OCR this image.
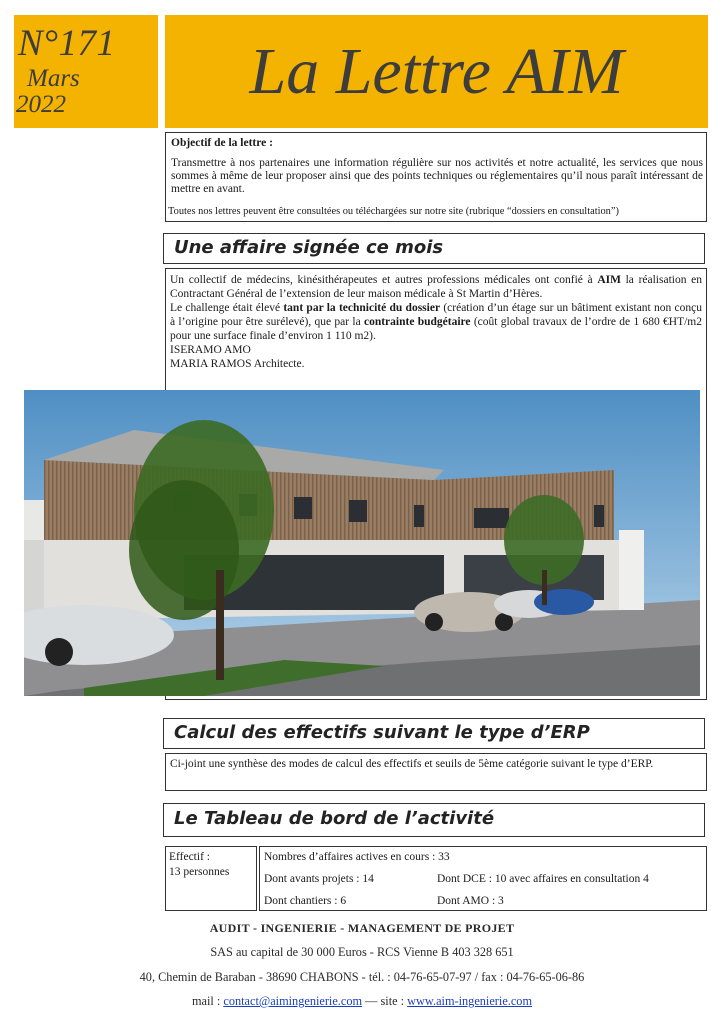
N°171
Mars
2022	La Lettre AIM
Objectif de la lettre :
Transmettre à nos partenaires une information régulière sur nos activités et notre actualité, les services que nous sommes à même de leur proposer ainsi que des points techniques ou réglementaires qu’il nous paraît intéressant de mettre en avant.
Toutes nos lettres peuvent être consultées ou téléchargées sur notre site (rubrique “dossiers en consultation”)
Une affaire signée ce mois

Un collectif de médecins, kinésithérapeutes et autres professions médicales ont confié à AIM la réalisation en Contractant Général de l’extension de leur maison médicale à St Martin d’Hères.

Le challenge était élevé tant par la technicité du dossier (création d’un étage sur un bâtiment existant non conçu à l’origine pour être surélevé), que par la contrainte budgétaire (coût global travaux de l’ordre de 1 680 €HT/m2 pour une surface finale d’environ 1 110 m2).

ISERAMO AMO

MARIA RAMOS Architecte.

Calcul des effectifs suivant le type d’ERP
Ci-joint une synthèse des modes de calcul des effectifs et seuils de 5ème catégorie suivant le type d’ERP.
Le Tableau de bord de l’activité
Effectif :
13 personnes
Nombres d’affaires actives en cours : 33
Dont avants projets : 14	Dont DCE : 10 avec affaires en consultation 4
Dont chantiers : 6	Dont AMO : 3
AUDIT - INGENIERIE - MANAGEMENT DE PROJET
SAS au capital de 30 000 Euros - RCS Vienne B 403 328 651
40, Chemin de Baraban - 38690 CHABONS - tél. : 04-76-65-07-97 / fax : 04-76-65-06-86
mail : contact@aimingenierie.com — site : www.aim-ingenierie.com
